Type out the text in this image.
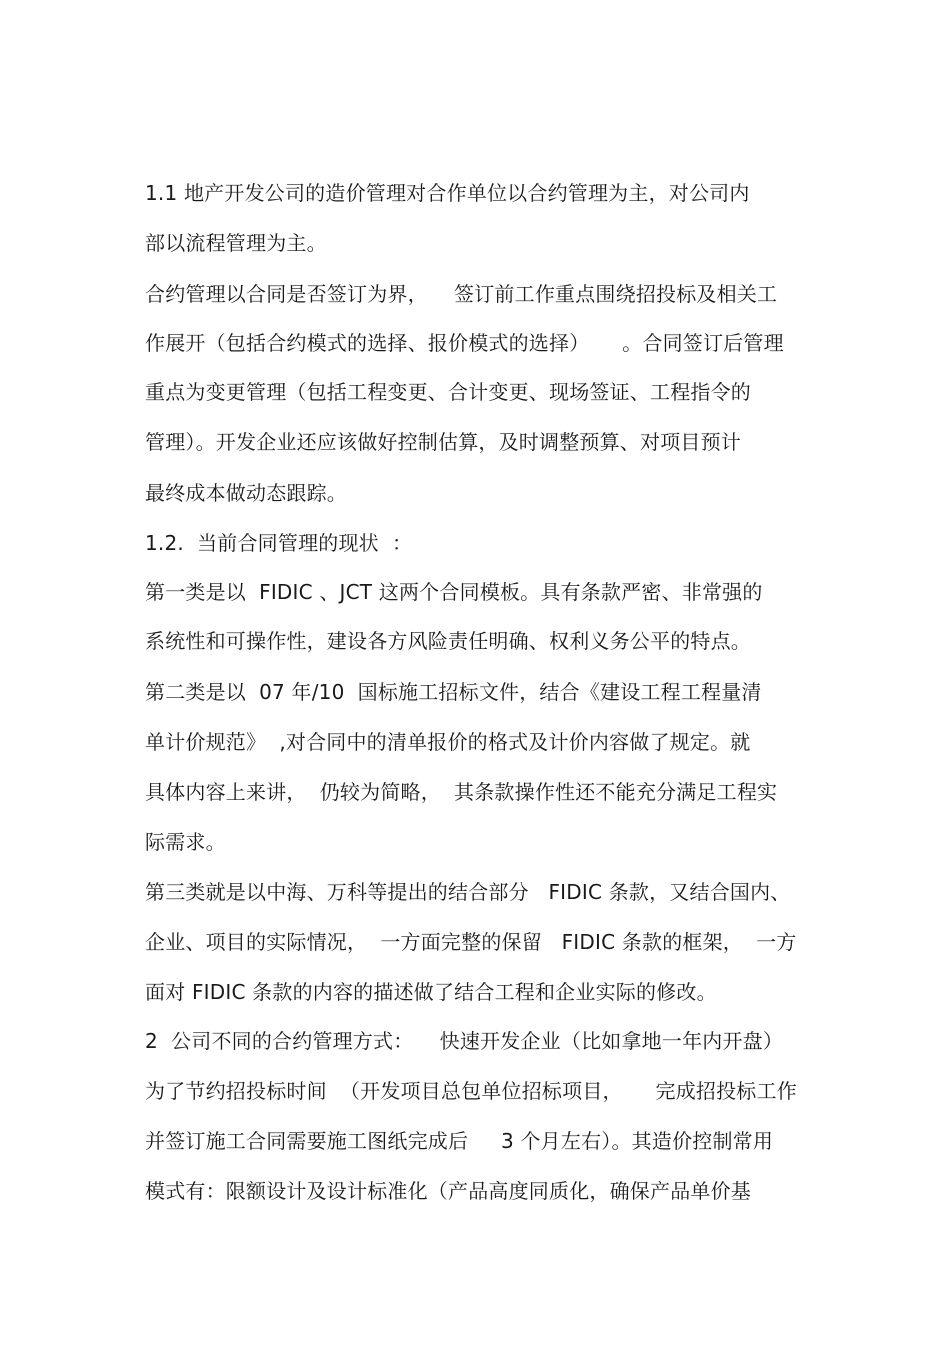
1.1 地产开发公司的造价管理对合作单位以合约管理为主，对公司内
部以流程管理为主。
合约管理以合同是否签订为界，    签订前工作重点围绕招投标及相关工
作展开（包括合约模式的选择、报价模式的选择）     。合同签订后管理
重点为变更管理（包括工程变更、合计变更、现场签证、工程指令的
管理）。开发企业还应该做好控制估算，及时调整预算、对项目预计
最终成本做动态跟踪。
1.2.  当前合同管理的现状  ：
第一类是以  FIDIC 、JCT 这两个合同模板。具有条款严密、非常强的
系统性和可操作性，建设各方风险责任明确、权利义务公平的特点。
第二类是以  07 年/10  国标施工招标文件，结合《建设工程工程量清
单计价规范》  ,对合同中的清单报价的格式及计价内容做了规定。就
具体内容上来讲，  仍较为简略，  其条款操作性还不能充分满足工程实
际需求。
第三类就是以中海、万科等提出的结合部分   FIDIC 条款，又结合国内、
企业、项目的实际情况，  一方面完整的保留   FIDIC 条款的框架，  一方
面对 FIDIC 条款的内容的描述做了结合工程和企业实际的修改。
2  公司不同的合约管理方式：    快速开发企业（比如拿地一年内开盘）
为了节约招投标时间  （开发项目总包单位招标项目，     完成招投标工作
并签订施工合同需要施工图纸完成后     3 个月左右）。其造价控制常用
模式有：限额设计及设计标准化（产品高度同质化，确保产品单价基
